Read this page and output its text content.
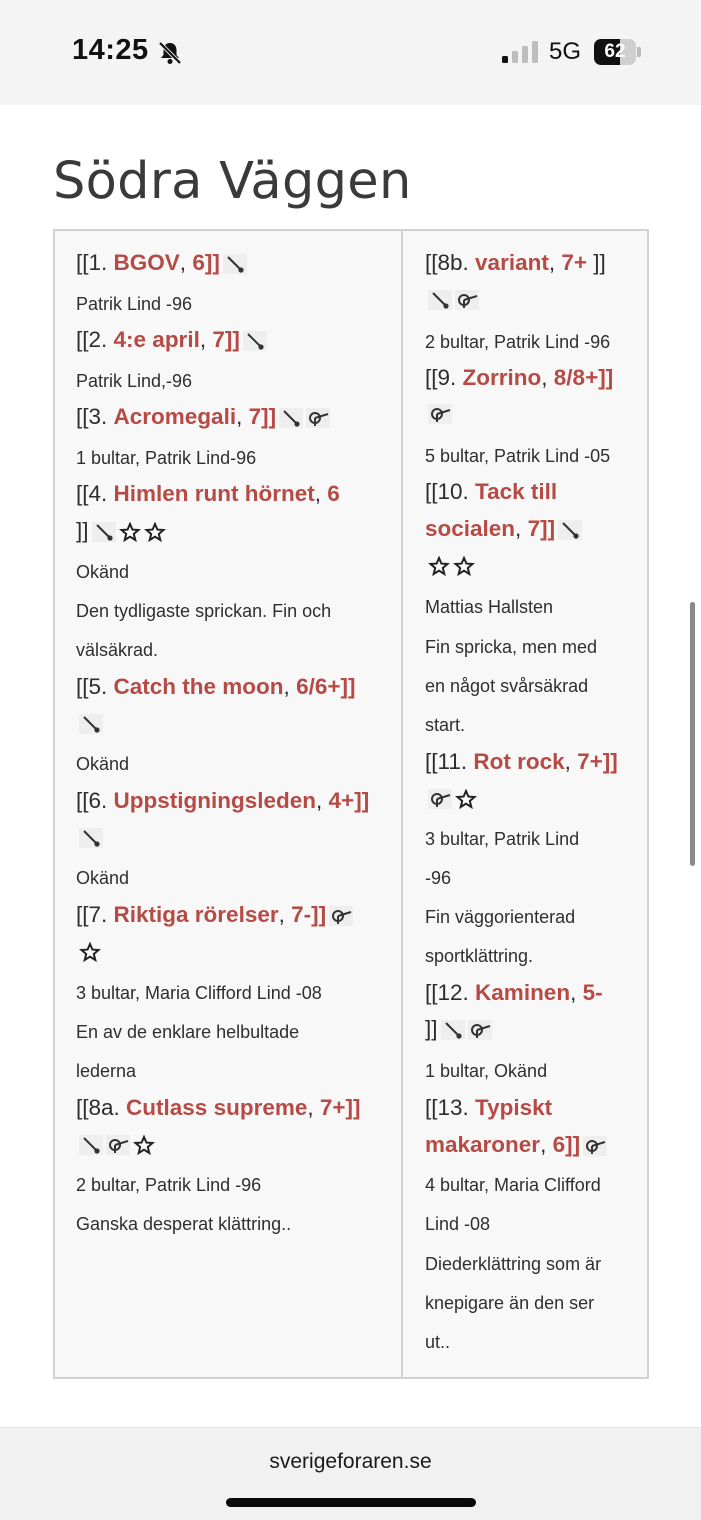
14:25	5G	62
Södra Väggen
[[1. BGOV, 6]]
Patrik Lind -96
[[2. 4:e april, 7]]
Patrik Lind,-96
[[3. Acromegali, 7]]
1 bultar, Patrik Lind-96
[[4. Himlen runt hörnet, 6
]]
Okänd
Den tydligaste sprickan. Fin och
välsäkrad.
[[5. Catch the moon, 6/6+]]
Okänd
[[6. Uppstigningsleden, 4+]]
Okänd
[[7. Riktiga rörelser, 7-]]
3 bultar, Maria Clifford Lind -08
En av de enklare helbultade
lederna
[[8a. Cutlass supreme, 7+]]
2 bultar, Patrik Lind -96
Ganska desperat klättring..
[[8b. variant, 7+ ]]
2 bultar, Patrik Lind -96
[[9. Zorrino, 8/8+]]
5 bultar, Patrik Lind -05
[[10. Tack till
socialen, 7]]
Mattias Hallsten
Fin spricka, men med
en något svårsäkrad
start.
[[11. Rot rock, 7+]]
3 bultar, Patrik Lind
-96
Fin väggorienterad
sportklättring.
[[12. Kaminen, 5-
]]
1 bultar, Okänd
[[13. Typiskt
makaroner, 6]]
4 bultar, Maria Clifford
Lind -08
Diederklättring som är
knepigare än den ser
ut..
sverigeforaren.se
